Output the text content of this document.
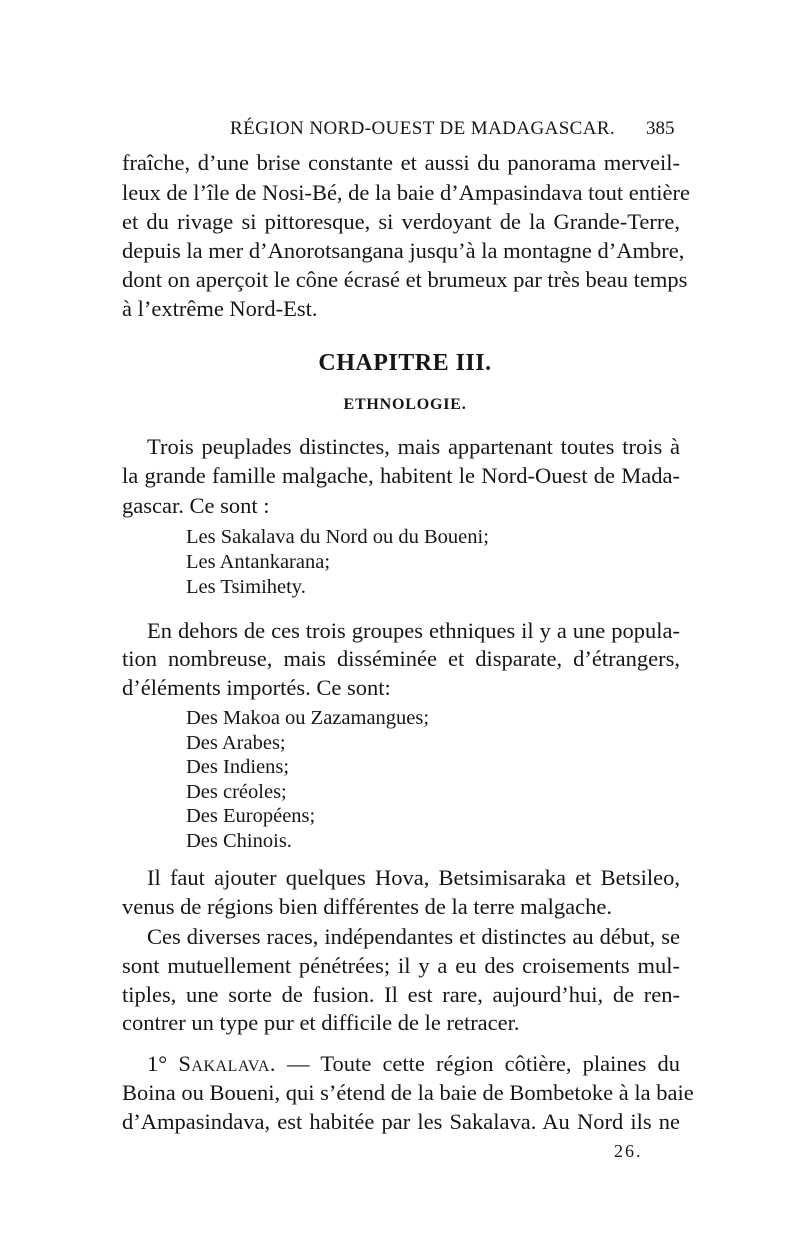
RÉGION NORD-OUEST DE MADAGASCAR. 385
fraîche, d’une brise constante et aussi du panorama merveil-
leux de l’île de Nosi-Bé, de la baie d’Ampasindava tout entière
et du rivage si pittoresque, si verdoyant de la Grande-Terre,
depuis la mer d’Anorotsangana jusqu’à la montagne d’Ambre,
dont on aperçoit le cône écrasé et brumeux par très beau temps
à l’extrême Nord-Est.
CHAPITRE III.
ETHNOLOGIE.
Trois peuplades distinctes, mais appartenant toutes trois à
la grande famille malgache, habitent le Nord-Ouest de Mada-
gascar. Ce sont :
Les Sakalava du Nord ou du Boueni;
Les Antankarana;
Les Tsimihety.
En dehors de ces trois groupes ethniques il y a une popula-
tion nombreuse, mais disséminée et disparate, d’étrangers,
d’éléments importés. Ce sont:
Des Makoa ou Zazamangues;
Des Arabes;
Des Indiens;
Des créoles;
Des Européens;
Des Chinois.
Il faut ajouter quelques Hova, Betsimisaraka et Betsileo,
venus de régions bien différentes de la terre malgache.
Ces diverses races, indépendantes et distinctes au début, se
sont mutuellement pénétrées; il y a eu des croisements mul-
tiples, une sorte de fusion. Il est rare, aujourd’hui, de ren-
contrer un type pur et difficile de le retracer.
1° Sakalava. — Toute cette région côtière, plaines du
Boina ou Boueni, qui s’étend de la baie de Bombetoke à la baie
d’Ampasindava, est habitée par les Sakalava. Au Nord ils ne
26.
